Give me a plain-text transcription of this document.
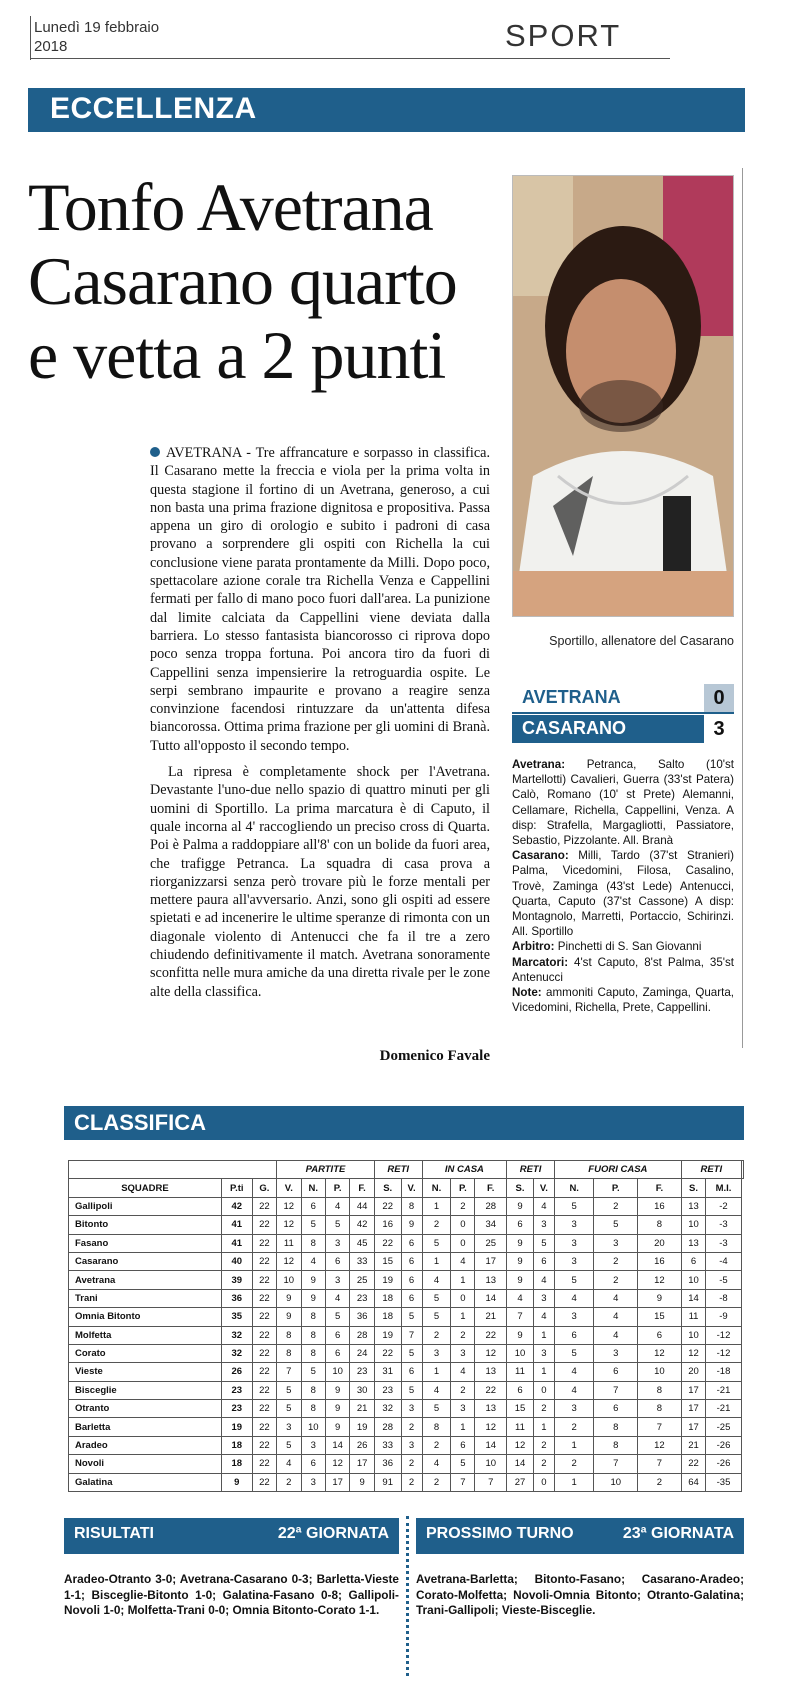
Lunedì 19 febbraio
2018	SPORT
ECCELLENZA
Tonfo Avetrana Casarano quarto e vetta a 2 punti
Sportillo, allenatore del Casarano

AVETRANA - Tre affrancature e sorpasso in classifica. Il Casarano mette la freccia e viola per la prima volta in questa stagione il fortino di un Avetrana, generoso, a cui non basta una prima frazione dignitosa e propositiva. Passa appena un giro di orologio e subito i padroni di casa provano a sorprendere gli ospiti con Richella la cui conclusione viene parata prontamente da Milli. Dopo poco, spettacolare azione corale tra Richella Venza e Cappellini fermati per fallo di mano poco fuori dall'area. La punizione dal limite calciata da Cappellini viene deviata dalla barriera. Lo stesso fantasista biancorosso ci riprova dopo poco senza troppa fortuna. Poi ancora tiro da fuori di Cappellini senza impensierire la retroguardia ospite. Le serpi sembrano impaurite e provano a reagire senza convinzione facendosi rintuzzare da un'attenta difesa biancorossa. Ottima prima frazione per gli uomini di Branà. Tutto all'opposto il secondo tempo.

La ripresa è completamente shock per l'Avetrana. Devastante l'uno-due nello spazio di quattro minuti per gli uomini di Sportillo. La prima marcatura è di Caputo, il quale incorna al 4' raccogliendo un preciso cross di Quarta. Poi è Palma a raddoppiare all'8' con un bolide da fuori area, che trafigge Petranca. La squadra di casa prova a riorganizzarsi senza però trovare più le forze mentali per mettere paura all'avversario. Anzi, sono gli ospiti ad essere spietati e ad incenerire le ultime speranze di rimonta con un diagonale violento di Antenucci che fa il tre a zero chiudendo definitivamente il match. Avetrana sonoramente sconfitta nelle mura amiche da una diretta rivale per le zone alte della classifica.

Domenico Favale
AVETRANA	0
CASARANO	3

Avetrana: Petranca, Salto (10'st Martellotti) Cavalieri, Guerra (33'st Patera) Calò, Romano (10' st Prete) Alemanni, Cellamare, Richella, Cappellini, Venza. A disp: Strafella, Margagliotti, Passiatore, Sebastio, Pizzolante. All. Branà

Casarano: Milli, Tardo (37'st Stranieri) Palma, Vicedomini, Filosa, Casalino, Trovè, Zaminga (43'st Lede) Antenucci, Quarta, Caputo (37'st Cassone) A disp: Montagnolo, Marretti, Portaccio, Schirinzi. All. Sportillo

Arbitro: Pinchetti di S. San Giovanni

Marcatori: 4'st Caputo, 8'st Palma, 35'st Antenucci

Note: ammoniti Caputo, Zaminga, Quarta, Vicedomini, Richella, Prete, Cappellini.

CLASSIFICA
			PARTITE				RETI		IN CASA			RETI		FUORI CASA			RETI		
SQUADRE	P.ti	G.	V.	N.	P.	F.	S.	V.	N.	P.	F.	S.	V.	N.	P.	F.	S.	M.I.	
Gallipoli	42	22	12	6	4	44	22	8	1	2	28	9	4	5	2	16	13	-2	
Bitonto	41	22	12	5	5	42	16	9	2	0	34	6	3	3	5	8	10	-3	
Fasano	41	22	11	8	3	45	22	6	5	0	25	9	5	3	3	20	13	-3	
Casarano	40	22	12	4	6	33	15	6	1	4	17	9	6	3	2	16	6	-4	
Avetrana	39	22	10	9	3	25	19	6	4	1	13	9	4	5	2	12	10	-5	
Trani	36	22	9	9	4	23	18	6	5	0	14	4	3	4	4	9	14	-8	
Omnia Bitonto	35	22	9	8	5	36	18	5	5	1	21	7	4	3	4	15	11	-9	
Molfetta	32	22	8	8	6	28	19	7	2	2	22	9	1	6	4	6	10	-12	
Corato	32	22	8	8	6	24	22	5	3	3	12	10	3	5	3	12	12	-12	
Vieste	26	22	7	5	10	23	31	6	1	4	13	11	1	4	6	10	20	-18	
Bisceglie	23	22	5	8	9	30	23	5	4	2	22	6	0	4	7	8	17	-21	
Otranto	23	22	5	8	9	21	32	3	5	3	13	15	2	3	6	8	17	-21	
Barletta	19	22	3	10	9	19	28	2	8	1	12	11	1	2	8	7	17	-25	
Aradeo	18	22	5	3	14	26	33	3	2	6	14	12	2	1	8	12	21	-26	
Novoli	18	22	4	6	12	17	36	2	4	5	10	14	2	2	7	7	22	-26	
Galatina	9	22	2	3	17	9	91	2	2	7	7	27	0	1	10	2	64	-35	
RISULTATI	22ª GIORNATA PROSSIMO TURNO	23ª GIORNATA
Aradeo-Otranto 3-0; Avetrana-Casarano 0-3; Barletta-Vieste 1-1; Bisceglie-Bitonto 1-0; Galatina-Fasano 0-8; Gallipoli-Novoli 1-0; Molfetta-Trani 0-0; Omnia Bitonto-Corato 1-1.
Avetrana-Barletta; Bitonto-Fasano; Casarano-Aradeo; Corato-Molfetta; Novoli-Omnia Bitonto; Otranto-Galatina; Trani-Gallipoli; Vieste-Bisceglie.
